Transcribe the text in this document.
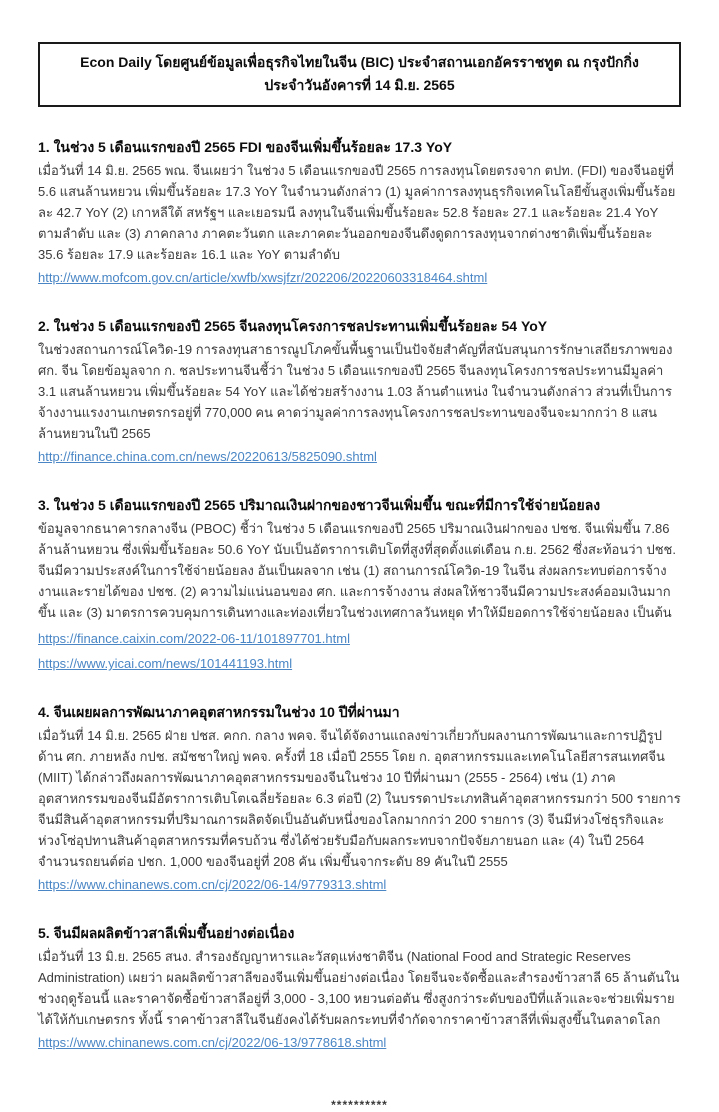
Econ Daily โดยศูนย์ข้อมูลเพื่อธุรกิจไทยในจีน (BIC) ประจำสถานเอกอัครราชทูต ณ กรุงปักกิ่ง
ประจำวันอังคารที่ 14 มิ.ย. 2565
1. ในช่วง 5 เดือนแรกของปี 2565 FDI ของจีนเพิ่มขึ้นร้อยละ 17.3 YoY

เมื่อวันที่ 14 มิ.ย. 2565 พณ. จีนเผยว่า ในช่วง 5 เดือนแรกของปี 2565 การลงทุนโดยตรงจาก ตปท. (FDI) ของจีนอยู่ที่ 5.6 แสนล้านหยวน เพิ่มขึ้นร้อยละ 17.3 YoY ในจำนวนดังกล่าว (1) มูลค่าการลงทุนธุรกิจเทคโนโลยีขั้นสูงเพิ่มขึ้นร้อยละ 42.7 YoY (2) เกาหลีใต้ สหรัฐฯ และเยอรมนี ลงทุนในจีนเพิ่มขึ้นร้อยละ 52.8 ร้อยละ 27.1 และร้อยละ 21.4 YoY ตามลำดับ และ (3) ภาคกลาง ภาคตะวันตก และภาคตะวันออกของจีนดึงดูดการลงทุนจากต่างชาติเพิ่มขึ้นร้อยละ 35.6 ร้อยละ 17.9 และร้อยละ 16.1 และ YoY ตามลำดับ

http://www.mofcom.gov.cn/article/xwfb/xwsjfzr/202206/20220603318464.shtml
2. ในช่วง 5 เดือนแรกของปี 2565 จีนลงทุนโครงการชลประทานเพิ่มขึ้นร้อยละ 54 YoY

ในช่วงสถานการณ์โควิด-19 การลงทุนสาธารณูปโภคขั้นพื้นฐานเป็นปัจจัยสำคัญที่สนับสนุนการรักษาเสถียรภาพของ ศก. จีน โดยข้อมูลจาก ก. ชลประทานจีนชี้ว่า ในช่วง 5 เดือนแรกของปี 2565 จีนลงทุนโครงการชลประทานมีมูลค่า 3.1 แสนล้านหยวน เพิ่มขึ้นร้อยละ 54 YoY และได้ช่วยสร้างงาน 1.03 ล้านตำแหน่ง ในจำนวนดังกล่าว ส่วนที่เป็นการจ้างงานแรงงานเกษตรกรอยู่ที่ 770,000 คน คาดว่ามูลค่าการลงทุนโครงการชลประทานของจีนจะมากกว่า 8 แสนล้านหยวนในปี 2565

http://finance.china.com.cn/news/20220613/5825090.shtml
3. ในช่วง 5 เดือนแรกของปี 2565 ปริมาณเงินฝากของชาวจีนเพิ่มขึ้น ขณะที่มีการใช้จ่ายน้อยลง

ข้อมูลจากธนาคารกลางจีน (PBOC) ชี้ว่า ในช่วง 5 เดือนแรกของปี 2565 ปริมาณเงินฝากของ ปชช. จีนเพิ่มขึ้น 7.86 ล้านล้านหยวน ซึ่งเพิ่มขึ้นร้อยละ 50.6 YoY นับเป็นอัตราการเติบโตที่สูงที่สุดตั้งแต่เดือน ก.ย. 2562 ซึ่งสะท้อนว่า ปชช. จีนมีความประสงค์ในการใช้จ่ายน้อยลง อันเป็นผลจาก เช่น (1) สถานการณ์โควิด-19 ในจีน ส่งผลกระทบต่อการจ้างงานและรายได้ของ ปชช. (2) ความไม่แน่นอนของ ศก. และการจ้างงาน ส่งผลให้ชาวจีนมีความประสงค์ออมเงินมากขึ้น และ (3) มาตรการควบคุมการเดินทางและท่องเที่ยวในช่วงเทศกาลวันหยุด ทำให้มียอดการใช้จ่ายน้อยลง เป็นต้น

https://finance.caixin.com/2022-06-11/101897701.html
https://www.yicai.com/news/101441193.html
4. จีนเผยผลการพัฒนาภาคอุตสาหกรรมในช่วง 10 ปีที่ผ่านมา

เมื่อวันที่ 14 มิ.ย. 2565 ฝ่าย ปชส. คกก. กลาง พคจ. จีนได้จัดงานแถลงข่าวเกี่ยวกับผลงานการพัฒนาและการปฏิรูปด้าน ศก. ภายหลัง กปช. สมัชชาใหญ่ พคจ. ครั้งที่ 18 เมื่อปี 2555 โดย ก. อุตสาหกรรมและเทคโนโลยีสารสนเทศจีน (MIIT) ได้กล่าวถึงผลการพัฒนาภาคอุตสาหกรรมของจีนในช่วง 10 ปีที่ผ่านมา (2555 - 2564) เช่น (1) ภาคอุตสาหกรรมของจีนมีอัตราการเติบโตเฉลี่ยร้อยละ 6.3 ต่อปี (2) ในบรรดาประเภทสินค้าอุตสาหกรรมกว่า 500 รายการ จีนมีสินค้าอุตสาหกรรมที่ปริมาณการผลิตจัดเป็นอันดับหนึ่งของโลกมากกว่า 200 รายการ (3) จีนมีห่วงโซ่ธุรกิจและห่วงโซ่อุปทานสินค้าอุตสาหกรรมที่ครบถ้วน ซึ่งได้ช่วยรับมือกับผลกระทบจากปัจจัยภายนอก และ (4) ในปี 2564 จำนวนรถยนต์ต่อ ปชก. 1,000 ของจีนอยู่ที่ 208 คัน เพิ่มขึ้นจากระดับ 89 คันในปี 2555

https://www.chinanews.com.cn/cj/2022/06-14/9779313.shtml
5. จีนมีผลผลิตข้าวสาลีเพิ่มขึ้นอย่างต่อเนื่อง

เมื่อวันที่ 13 มิ.ย. 2565 สนง. สำรองธัญญาหารและวัสดุแห่งชาติจีน (National Food and Strategic Reserves Administration) เผยว่า ผลผลิตข้าวสาลีของจีนเพิ่มขึ้นอย่างต่อเนื่อง โดยจีนจะจัดซื้อและสำรองข้าวสาลี 65 ล้านตันในช่วงฤดูร้อนนี้ และราคาจัดซื้อข้าวสาลีอยู่ที่ 3,000 - 3,100 หยวนต่อตัน ซึ่งสูงกว่าระดับของปีที่แล้วและจะช่วยเพิ่มรายได้ให้กับเกษตรกร ทั้งนี้ ราคาข้าวสาลีในจีนยังคงได้รับผลกระทบที่จำกัดจากราคาข้าวสาลีที่เพิ่มสูงขึ้นในตลาดโลก

https://www.chinanews.com.cn/cj/2022/06-13/9778618.shtml
**********
